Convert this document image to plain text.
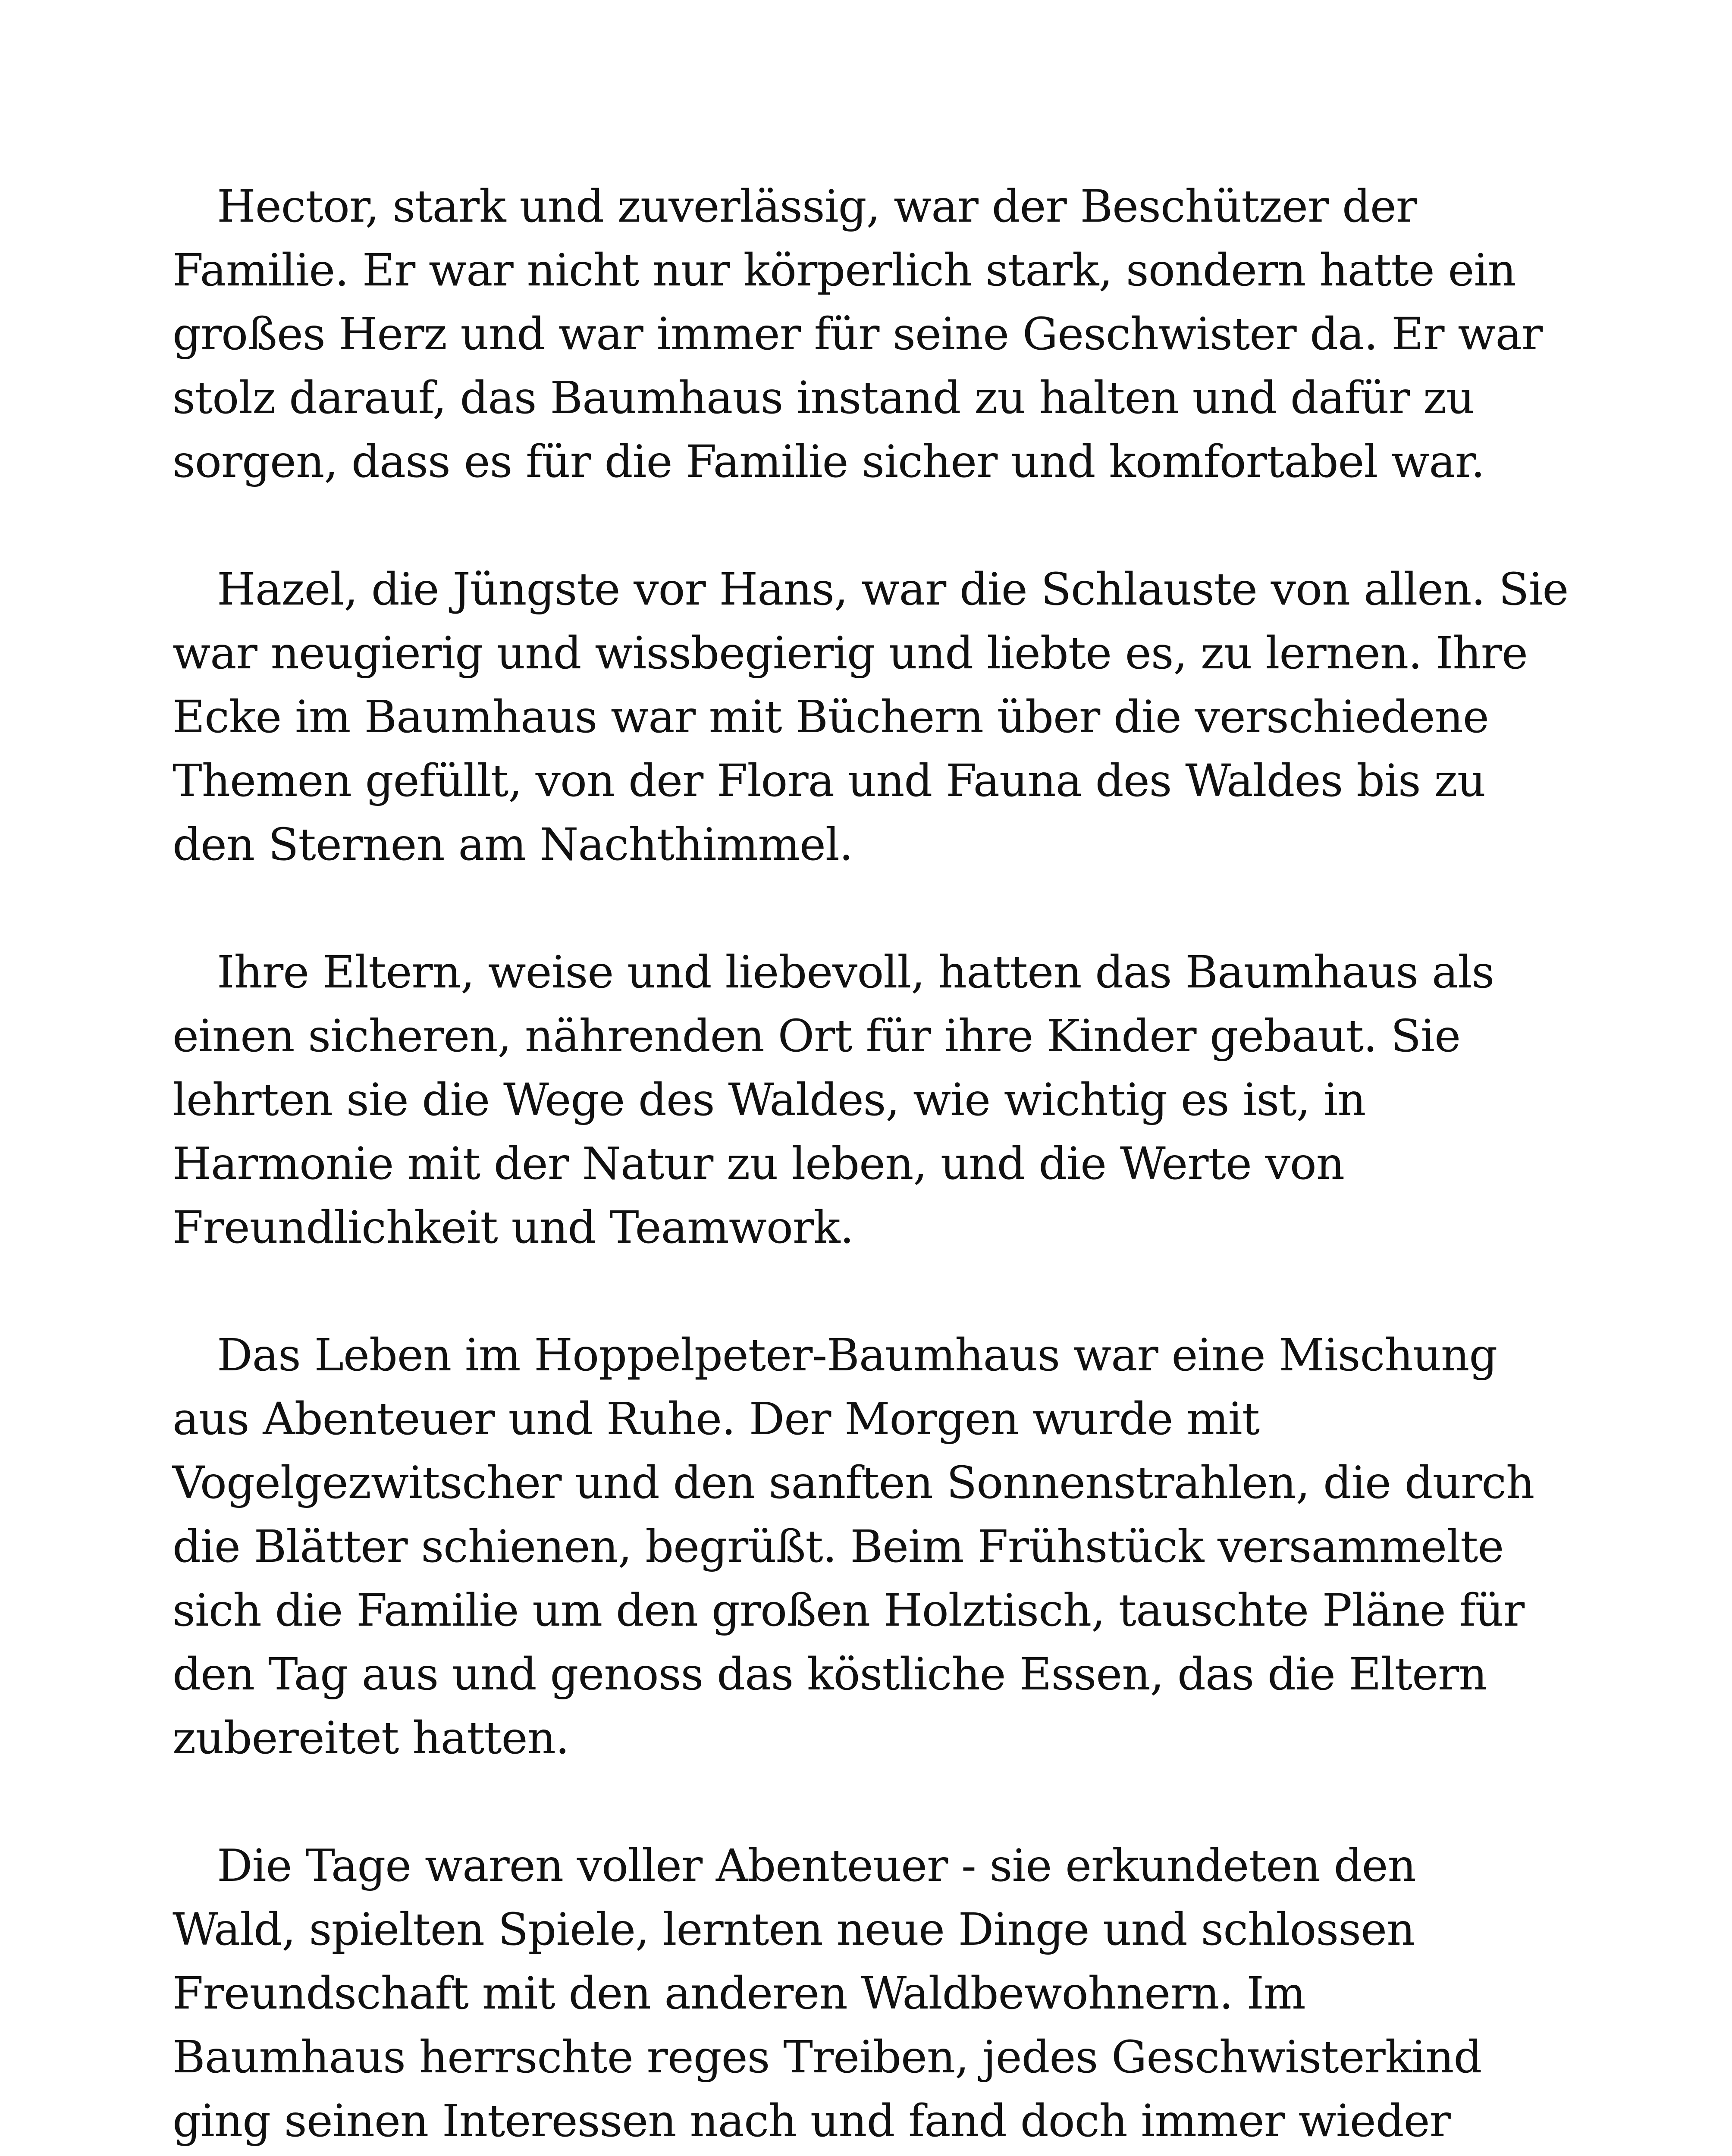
Hector, stark und zuverlässig, war der Beschützer der
Familie. Er war nicht nur körperlich stark, sondern hatte ein
großes Herz und war immer für seine Geschwister da. Er war
stolz darauf, das Baumhaus instand zu halten und dafür zu
sorgen, dass es für die Familie sicher und komfortabel war.

Hazel, die Jüngste vor Hans, war die Schlauste von allen. Sie
war neugierig und wissbegierig und liebte es, zu lernen. Ihre
Ecke im Baumhaus war mit Büchern über die verschiedene
Themen gefüllt, von der Flora und Fauna des Waldes bis zu
den Sternen am Nachthimmel.

Ihre Eltern, weise und liebevoll, hatten das Baumhaus als
einen sicheren, nährenden Ort für ihre Kinder gebaut. Sie
lehrten sie die Wege des Waldes, wie wichtig es ist, in
Harmonie mit der Natur zu leben, und die Werte von
Freundlichkeit und Teamwork.

Das Leben im Hoppelpeter-Baumhaus war eine Mischung
aus Abenteuer und Ruhe. Der Morgen wurde mit
Vogelgezwitscher und den sanften Sonnenstrahlen, die durch
die Blätter schienen, begrüßt. Beim Frühstück versammelte
sich die Familie um den großen Holztisch, tauschte Pläne für
den Tag aus und genoss das köstliche Essen, das die Eltern
zubereitet hatten.

Die Tage waren voller Abenteuer - sie erkundeten den
Wald, spielten Spiele, lernten neue Dinge und schlossen
Freundschaft mit den anderen Waldbewohnern. Im
Baumhaus herrschte reges Treiben, jedes Geschwisterkind
ging seinen Interessen nach und fand doch immer wieder
